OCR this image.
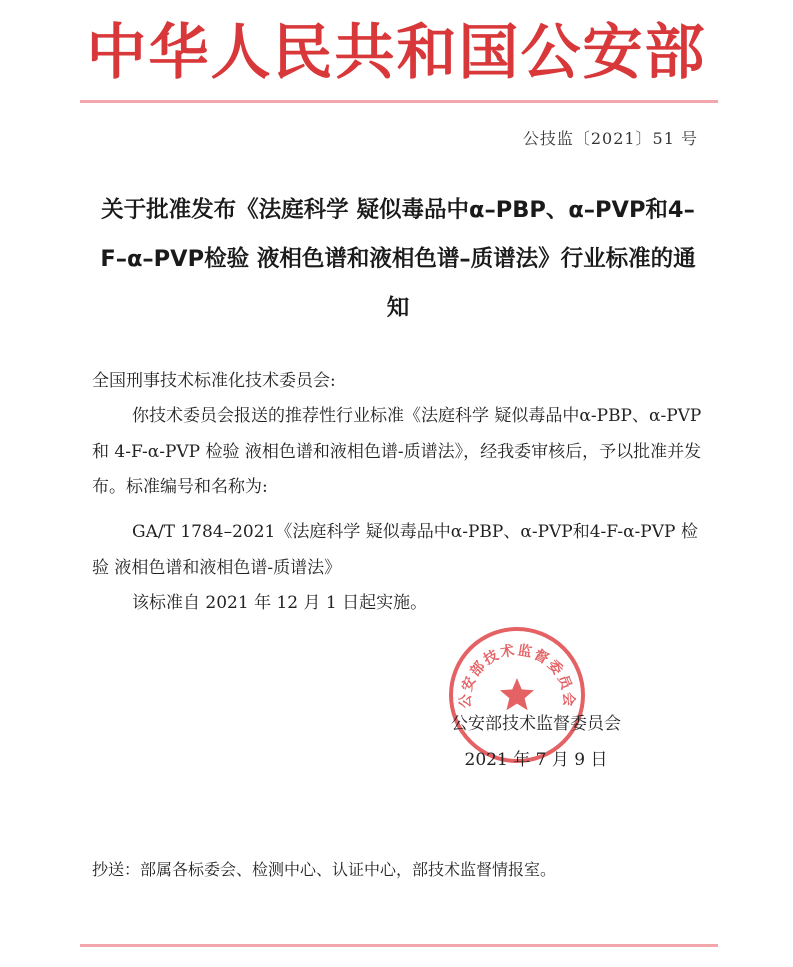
中华人民共和国公安部
公技监〔2021〕51 号
关于批准发布《法庭科学 疑似毒品中α–PBP、α–PVP和4–F–α–PVP检验 液相色谱和液相色谱–质谱法》行业标准的通知

全国刑事技术标准化技术委员会:

你技术委员会报送的推荐性行业标准《法庭科学 疑似毒品中α-PBP、α-PVP 和 4-F-α-PVP 检验 液相色谱和液相色谱-质谱法》，经我委审核后，予以批准并发布。标准编号和名称为:

GA/T 1784–2021《法庭科学 疑似毒品中α-PBP、α-PVP和4-F-α-PVP 检验 液相色谱和液相色谱-质谱法》

该标准自 2021 年 12 月 1 日起实施。

公安部技术监督委员会
公安部技术监督委员会
2021 年 7 月 9 日

抄送：部属各标委会、检测中心、认证中心，部技术监督情报室。
